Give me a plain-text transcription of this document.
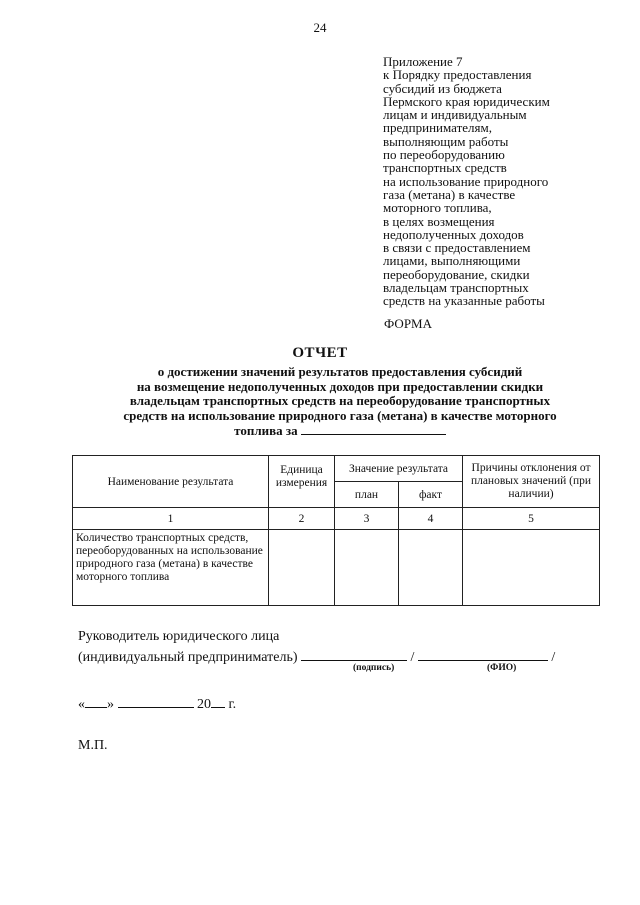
24
Приложение 7
к Порядку предоставления
субсидий из бюджета
Пермского края юридическим
лицам и индивидуальным
предпринимателям,
выполняющим работы
по переоборудованию
транспортных средств
на использование природного
газа (метана) в качестве
моторного топлива,
в целях возмещения
недополученных доходов
в связи с предоставлением
лицами, выполняющими
переоборудование, скидки
владельцам транспортных
средств на указанные работы
ФОРМА
ОТЧЕТ
о достижении значений результатов предоставления субсидий
на возмещение недополученных доходов при предоставлении скидки
владельцам транспортных средств на переоборудование транспортных
средств на использование природного газа (метана) в качестве моторного
топлива за
Наименование результата	Единица измерения	Значение результата		Причины отклонения от плановых значений (при наличии)
		план	факт	
1	2	3	4	5
Количество транспортных средств, переоборудованных на использование природного газа (метана) в качестве моторного топлива				
Руководитель юридического лица
(индивидуальный предприниматель)	/	/
(подпись)	(ФИО)
« »	20 г.
М.П.
